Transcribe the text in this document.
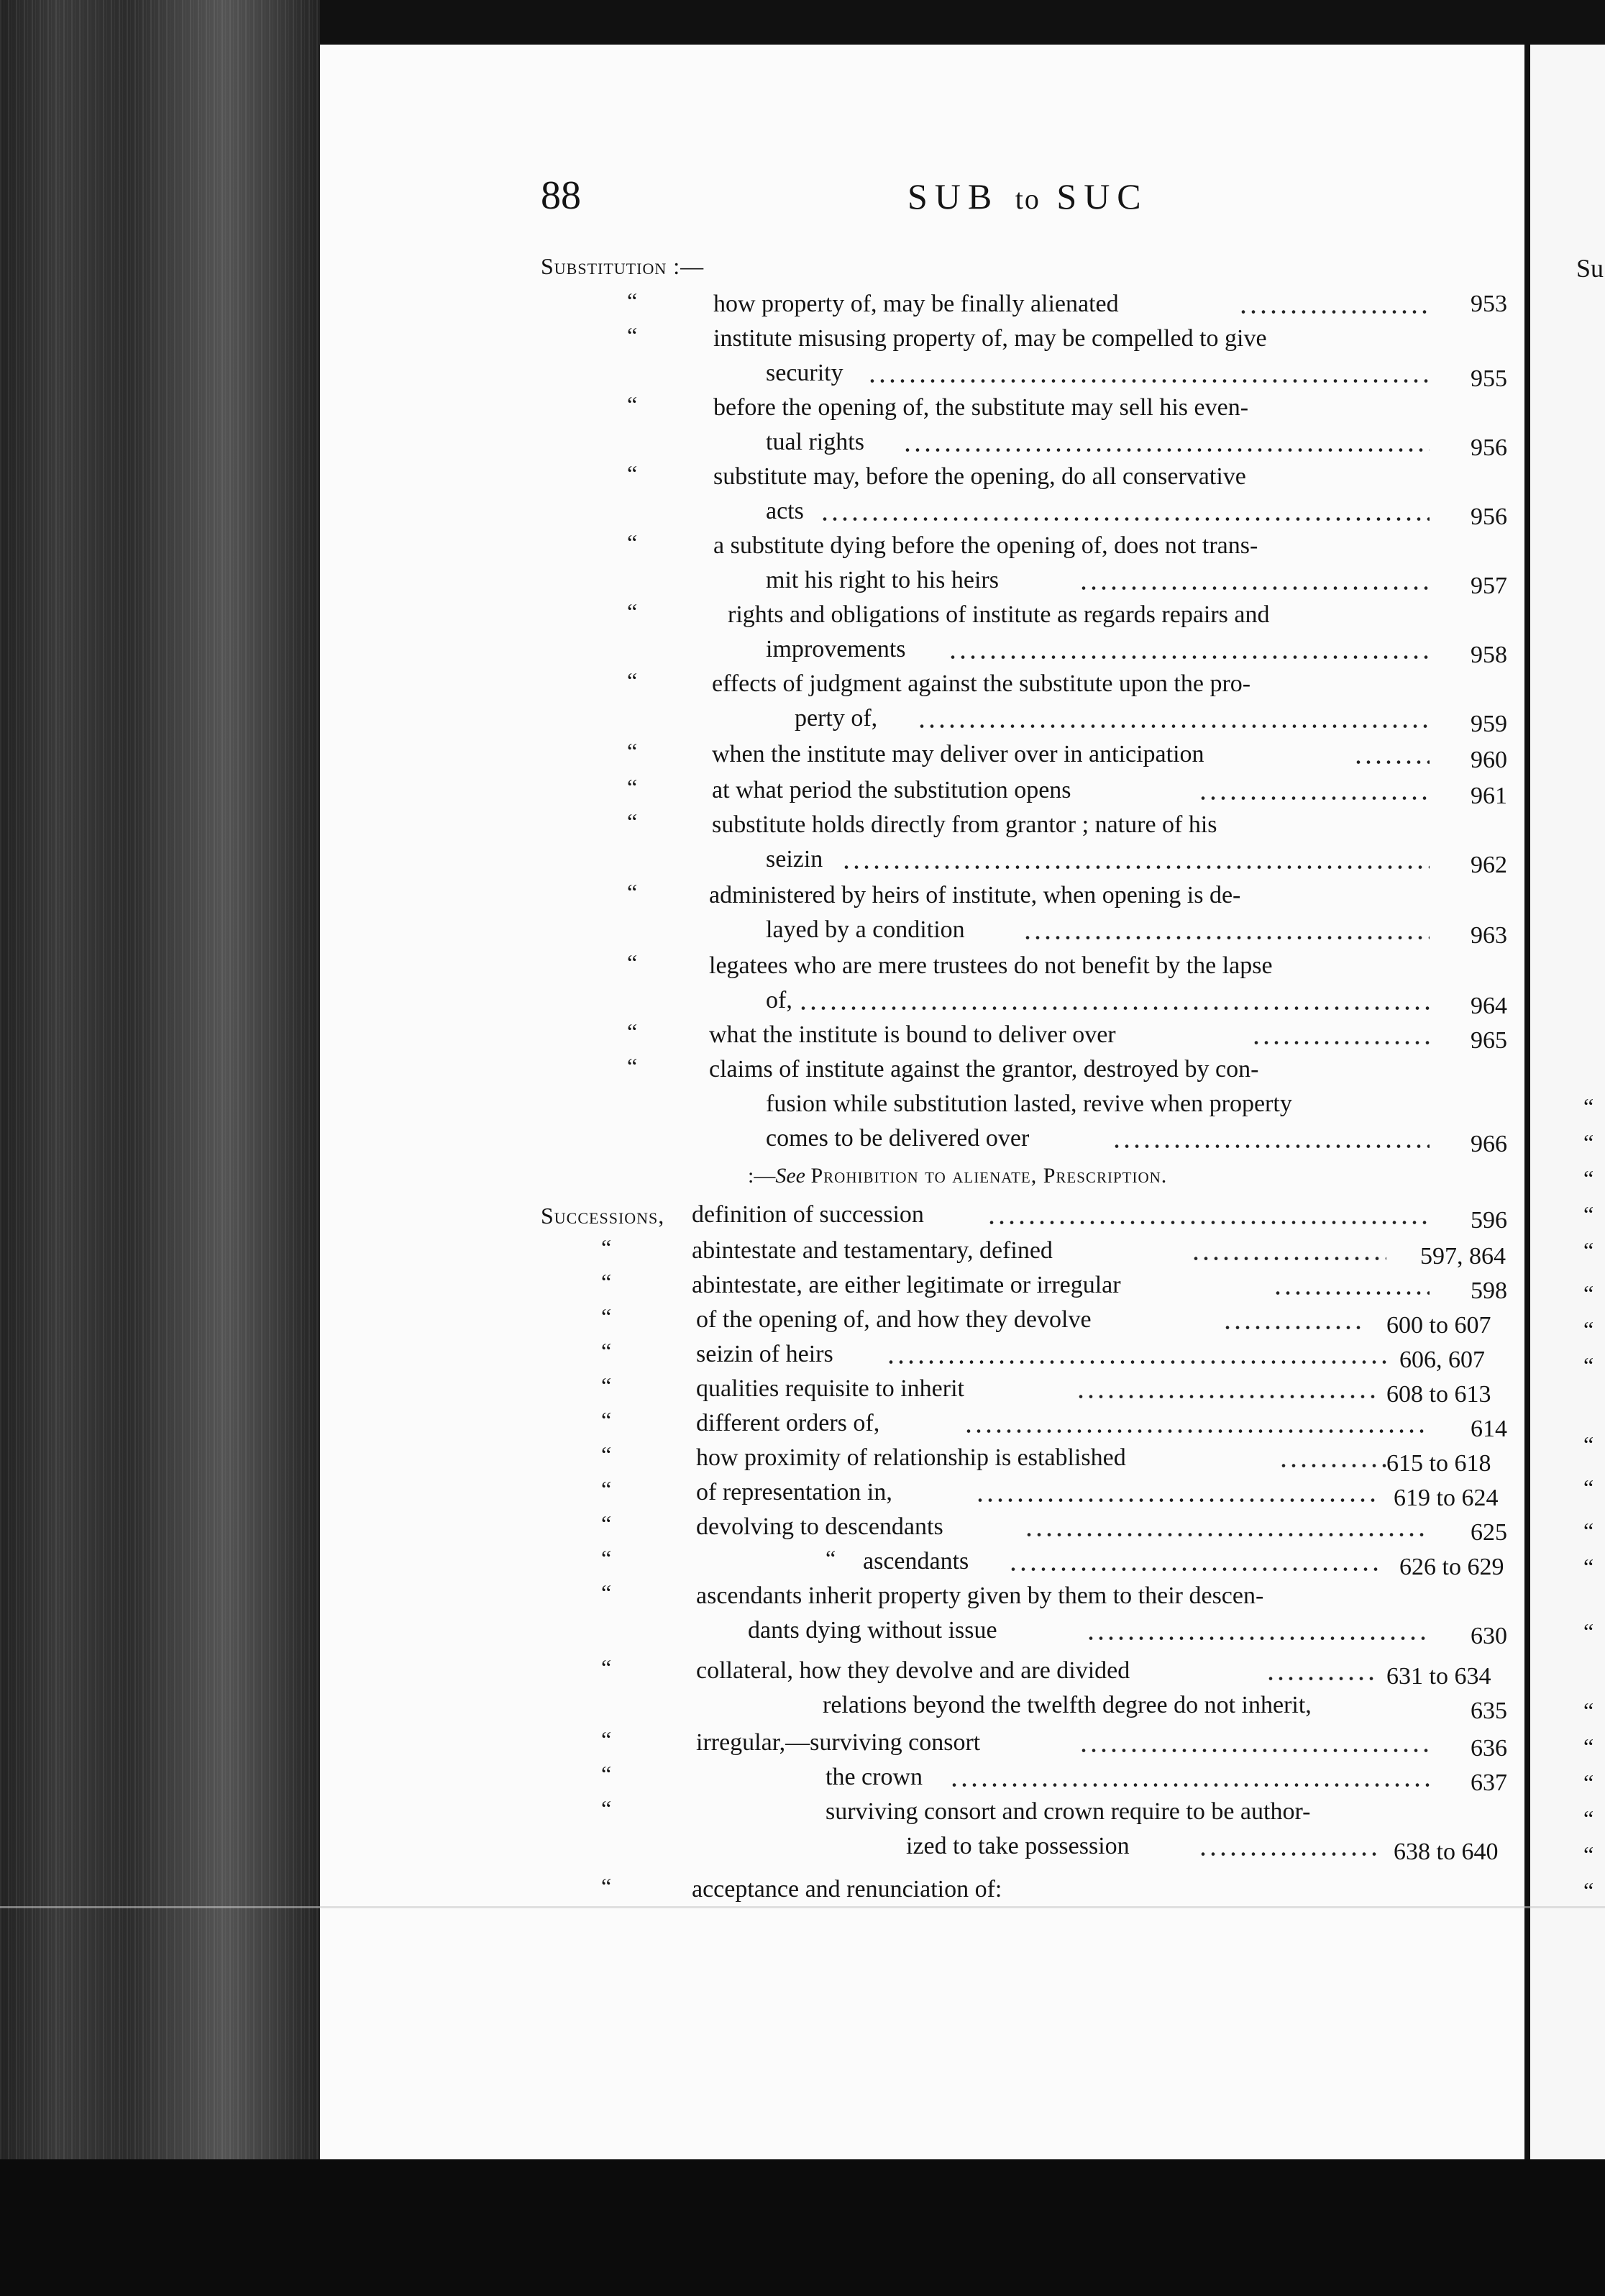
Su
“
“
“
“
“
“
“
“
“
“
“
“
“
“
“
“
“
“
“
88	SUB to SUC
Substitution :—
“	how property of, may be finally alienated	953
“	institute misusing property of, may be compelled to give
security	955
“	before the opening of, the substitute may sell his even-
tual rights	956
“	substitute may, before the opening, do all conservative
acts	956
“	a substitute dying before the opening of, does not trans-
mit his right to his heirs	957
“	rights and obligations of institute as regards repairs and
improvements	958
“	effects of judgment against the substitute upon the pro-
perty of,	959
“	when the institute may deliver over in anticipation	960
“	at what period the substitution opens	961
“	substitute holds directly from grantor ; nature of his
seizin	962
“	administered by heirs of institute, when opening is de-
layed by a condition	963
“	legatees who are mere trustees do not benefit by the lapse
of,	964
“	what the institute is bound to deliver over	965
“	claims of institute against the grantor, destroyed by con-
fusion while substitution lasted, revive when property
comes to be delivered over	966
:—See Prohibition to alienate, Prescription.
Successions, definition of succession	596
“	abintestate and testamentary, defined	597, 864
“	abintestate, are either legitimate or irregular	598
“	of the opening of, and how they devolve	600 to 607
“	seizin of heirs	606, 607
“	qualities requisite to inherit	608 to 613
“	different orders of,	614
“	how proximity of relationship is established	615 to 618
“	of representation in,	619 to 624
“	devolving to descendants	625
“	“ ascendants	626 to 629
“	ascendants inherit property given by them to their descen-
dants dying without issue	630
“	collateral, how they devolve and are divided	631 to 634
relations beyond the twelfth degree do not inherit,	635
“	irregular,—surviving consort	636
“	the crown	637
“	surviving consort and crown require to be author-
ized to take possession	638 to 640
“	acceptance and renunciation of:
